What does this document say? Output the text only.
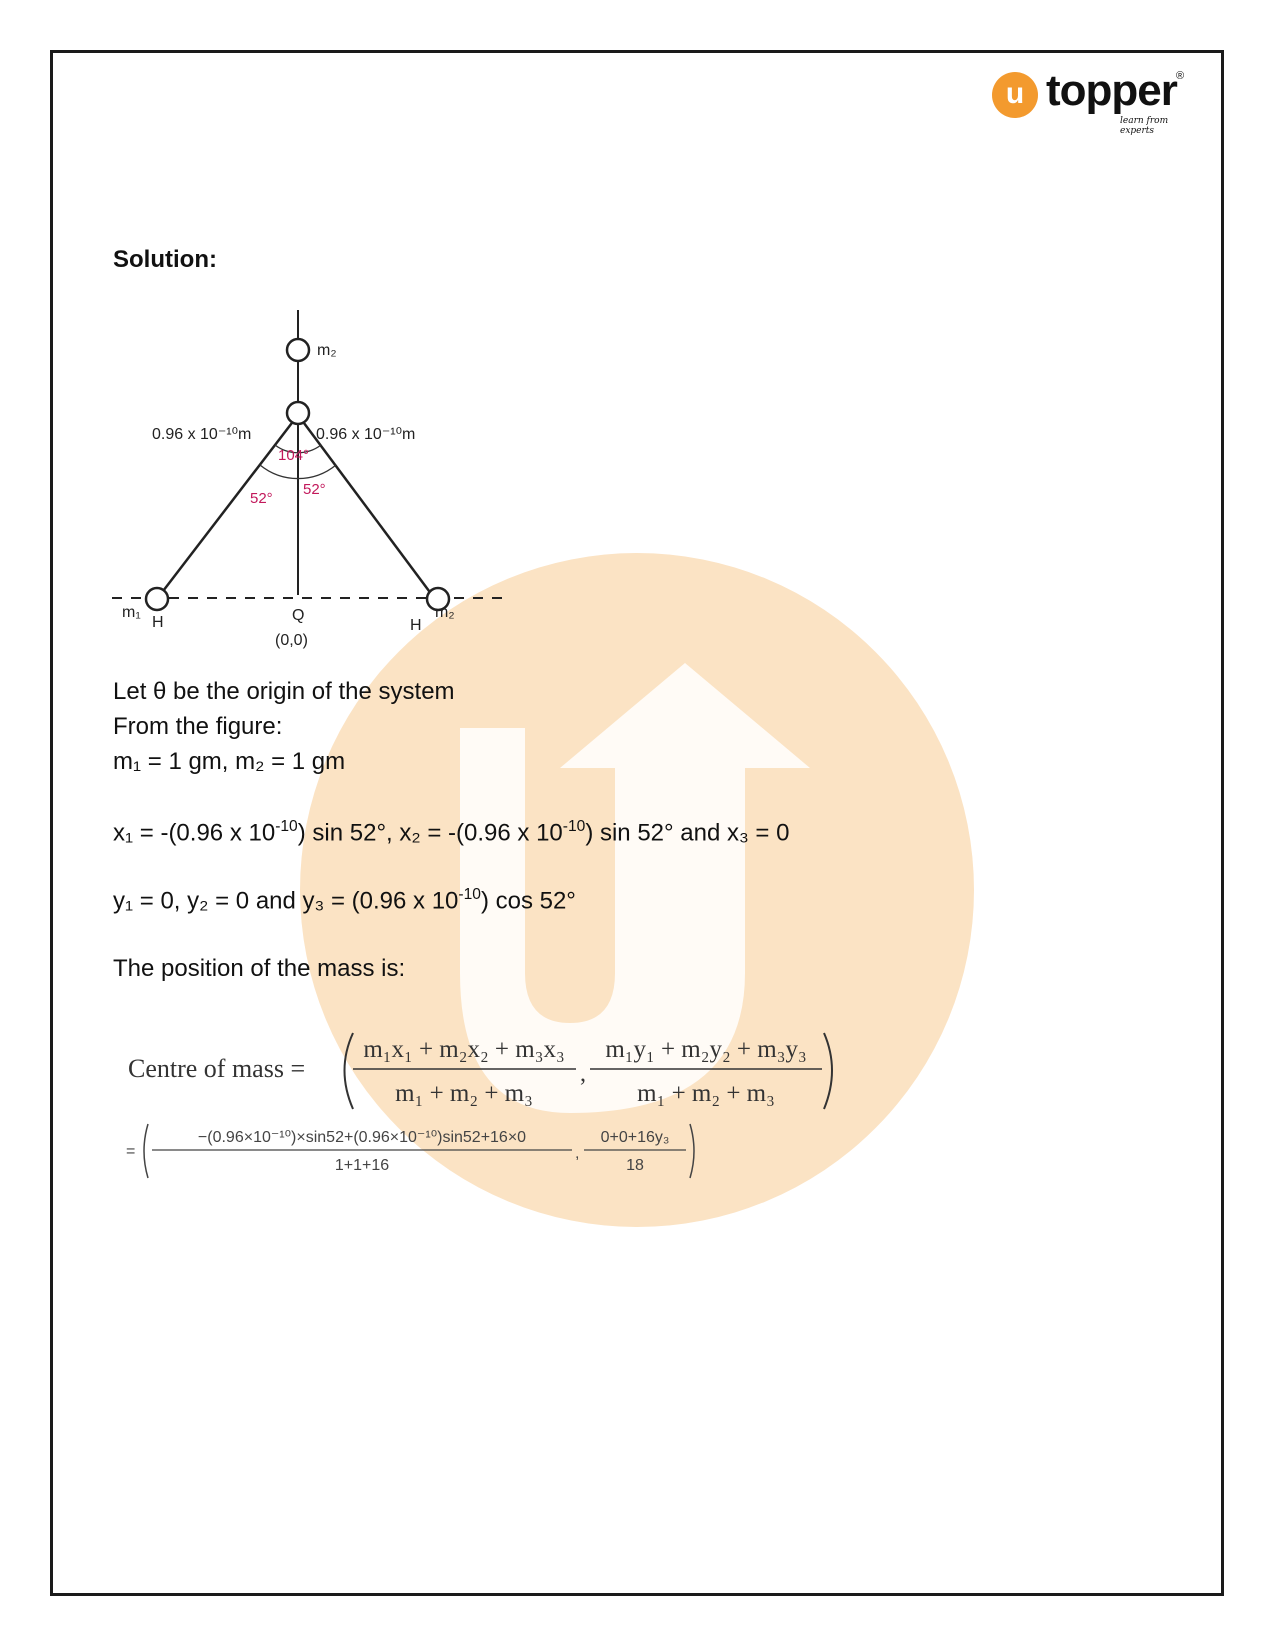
u topper ®
learn from experts
Solution:
m₂
0.96 x 10⁻¹⁰m	0.96 x 10⁻¹⁰m
104°
52°
52°
m₁
H	Q
(0,0)
H
m₂
Let θ be the origin of the system
From the figure:
m₁ = 1 gm, m₂ = 1 gm
x₁ = -(0.96 x $10^{-10}$) sin 52°, x₂ = -(0.96 x $10^{-10}$) sin 52° and x₃ = 0
y₁ = 0, y₂ = 0 and y₃ = (0.96 x $10^{-10}$) cos 52°
The position of the mass is:
Centre of mass =
m₁x₁ + m₂x₂ + m₃x₃
m₁ + m₂ + m₃
,
m₁y₁ + m₂y₂ + m₃y₃
m₁ + m₂ + m₃
=
−(0.96×10⁻¹⁰)×sin52+(0.96×10⁻¹⁰)sin52+16×0
1+1+16
,
0+0+16y₃
18
